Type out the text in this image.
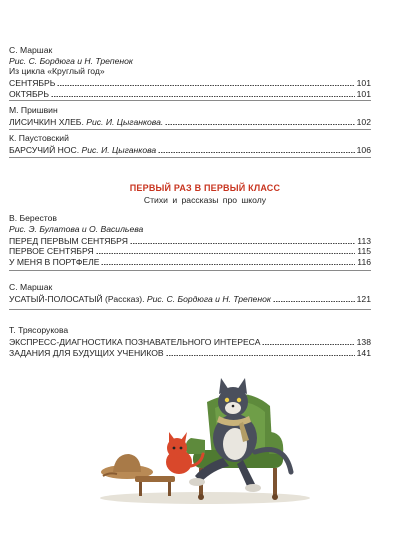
С. Маршак
Рис. С. Бордюга и Н. Трепенок
Из цикла «Круглый год»
СЕНТЯБРЬ	101
ОКТЯБРЬ	101
М. Пришвин
ЛИСИЧКИН ХЛЕБ. Рис. И. Цыганкова.	102
К. Паустовский
БАРСУЧИЙ НОС. Рис. И. Цыганкова	106
ПЕРВЫЙ РАЗ В ПЕРВЫЙ КЛАСС
Стихи и рассказы про школу
В. Берестов
Рис. Э. Булатова и О. Васильева
ПЕРЕД ПЕРВЫМ СЕНТЯБРЯ	113
ПЕРВОЕ СЕНТЯБРЯ	115
У МЕНЯ В ПОРТФЕЛЕ	116
С. Маршак
УСАТЫЙ-ПОЛОСАТЫЙ (Рассказ). Рис. С. Бордюга и Н. Трепенок	121
Т. Трясорукова
ЭКСПРЕСС-ДИАГНОСТИКА ПОЗНАВАТЕЛЬНОГО ИНТЕРЕСА	138
ЗАДАНИЯ ДЛЯ БУДУЩИХ УЧЕНИКОВ	141
